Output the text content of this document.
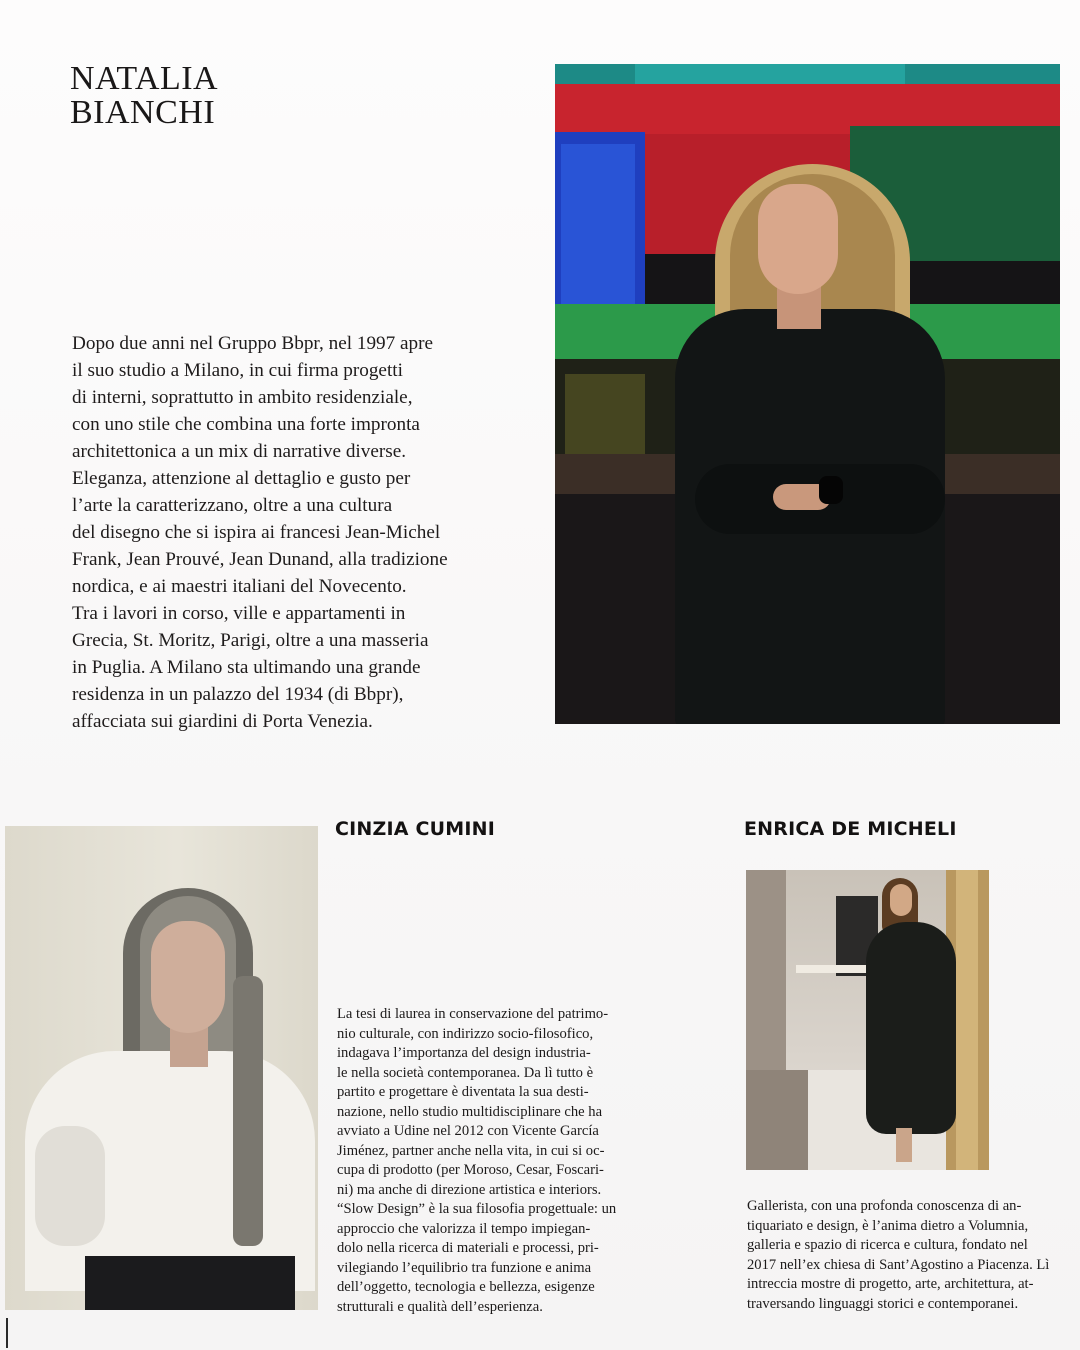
NATALIA
BIANCHI

Dopo due anni nel Gruppo Bbpr, nel 1997 apre
il suo studio a Milano, in cui firma progetti
di interni, soprattutto in ambito residenziale,
con uno stile che combina una forte impronta
architettonica a un mix di narrative diverse.
Eleganza, attenzione al dettaglio e gusto per
l’arte la caratterizzano, oltre a una cultura
del disegno che si ispira ai francesi Jean-Michel
Frank, Jean Prouvé, Jean Dunand, alla tradizione
nordica, e ai maestri italiani del Novecento.
Tra i lavori in corso, ville e appartamenti in
Grecia, St. Moritz, Parigi, oltre a una masseria
in Puglia. A Milano sta ultimando una grande
residenza in un palazzo del 1934 (di Bbpr),
affacciata sui giardini di Porta Venezia.

CINZIA CUMINI

La tesi di laurea in conservazione del patrimo-
nio culturale, con indirizzo socio-filosofico,
indagava l’importanza del design industria-
le nella società contemporanea. Da lì tutto è
partito e progettare è diventata la sua desti-
nazione, nello studio multidisciplinare che ha
avviato a Udine nel 2012 con Vicente García
Jiménez, partner anche nella vita, in cui si oc-
cupa di prodotto (per Moroso, Cesar, Foscari-
ni) ma anche di direzione artistica e interiors.
“Slow Design” è la sua filosofia progettuale: un
approccio che valorizza il tempo impiegan-
dolo nella ricerca di materiali e processi, pri-
vilegiando l’equilibrio tra funzione e anima
dell’oggetto, tecnologia e bellezza, esigenze
strutturali e qualità dell’esperienza.

ENRICA DE MICHELI

Gallerista, con una profonda conoscenza di an-
tiquariato e design, è l’anima dietro a Volumnia,
galleria e spazio di ricerca e cultura, fondato nel
2017 nell’ex chiesa di Sant’Agostino a Piacenza. Lì
intreccia mostre di progetto, arte, architettura, at-
traversando linguaggi storici e contemporanei.
